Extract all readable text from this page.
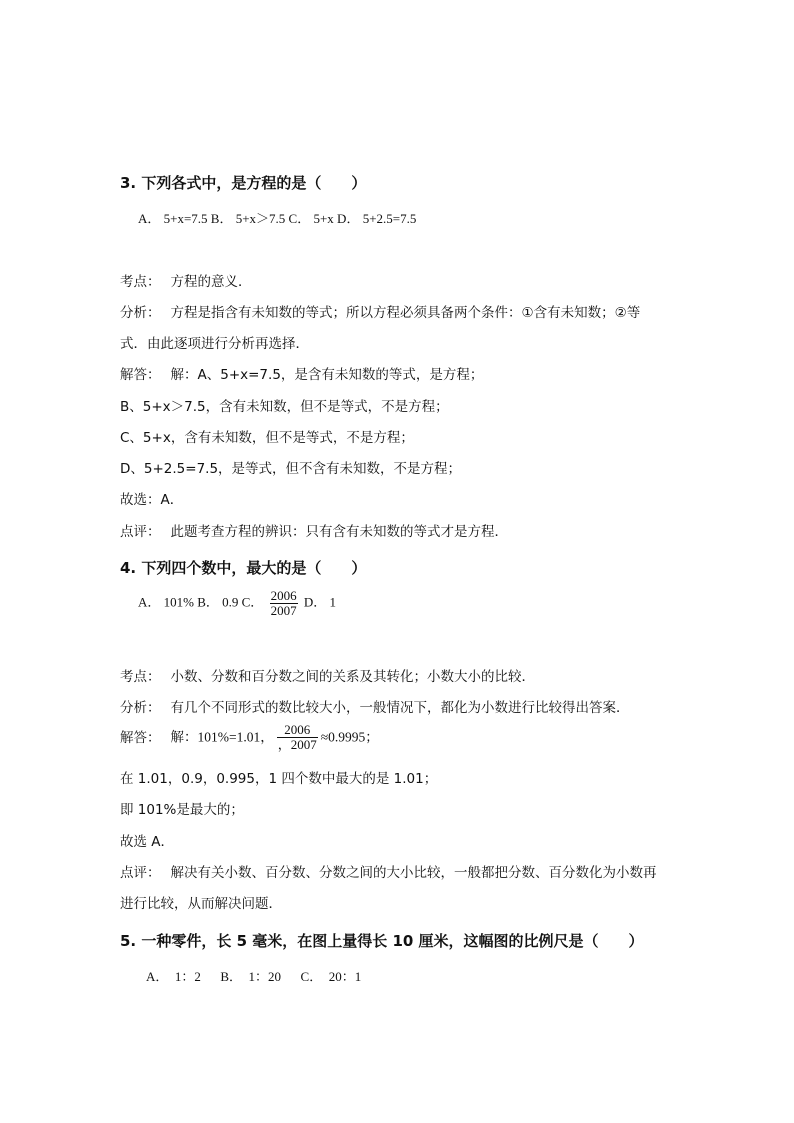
3. 下列各式中，是方程的是（　　）
A． 5+x=7.5 B． 5+x＞7.5 C． 5+x D． 5+2.5=7.5
考点： 方程的意义．
分析： 方程是指含有未知数的等式；所以方程必须具备两个条件：①含有未知数；②等
式．由此逐项进行分析再选择．
解答： 解：A、5+x=7.5，是含有未知数的等式，是方程；
B、5+x＞7.5，含有未知数，但不是等式，不是方程；
C、5+x，含有未知数，但不是等式，不是方程；
D、5+2.5=7.5，是等式，但不含有未知数，不是方程；
故选：A．
点评： 此题考查方程的辨识：只有含有未知数的等式才是方程．
4. 下列四个数中，最大的是（　　）
A． 101% B． 0.9 C． $\frac{2006}{2007}$ D． 1
考点： 小数、分数和百分数之间的关系及其转化；小数大小的比较．
分析： 有几个不同形式的数比较大小，一般情况下，都化为小数进行比较得出答案．
解答： 解：101%=1.01， $\frac{2006}{,2007} \approx 0.9995$；
在 1.01，0.9，0.995，1 四个数中最大的是 1.01；
即 101%是最大的；
故选 A．
点评： 解决有关小数、百分数、分数之间的大小比较，一般都把分数、百分数化为小数再
进行比较，从而解决问题．
5. 一种零件，长 5 毫米，在图上量得长 10 厘米，这幅图的比例尺是（　　）
A．  1：2      B．  1：20      C．  20：1
